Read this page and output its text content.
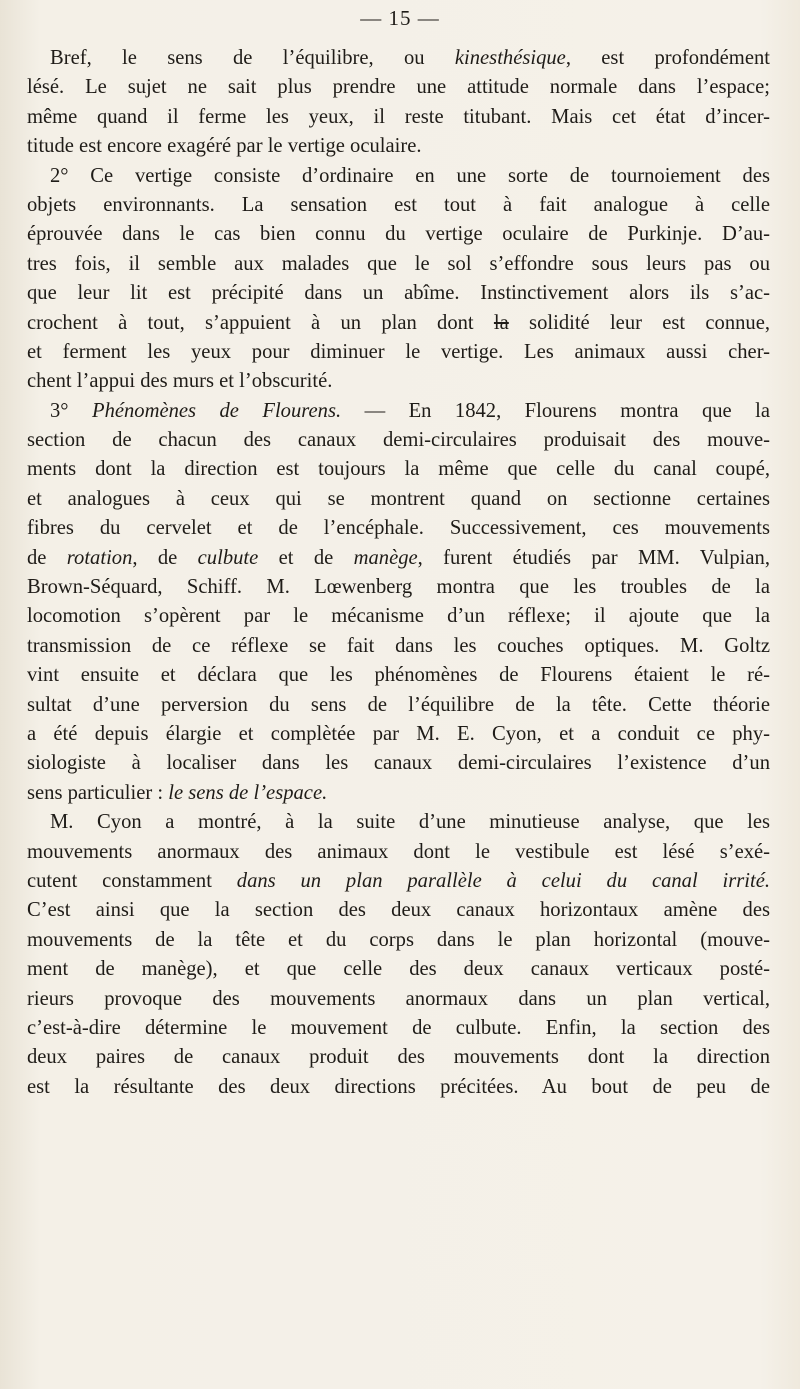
— 15 —
Bref, le sens de l’équilibre, ou kinesthésique, est profondément
lésé. Le sujet ne sait plus prendre une attitude normale dans l’espace;
même quand il ferme les yeux, il reste titubant. Mais cet état d’incer-
titude est encore exagéré par le vertige oculaire.
2° Ce vertige consiste d’ordinaire en une sorte de tournoiement des
objets environnants. La sensation est tout à fait analogue à celle
éprouvée dans le cas bien connu du vertige oculaire de Purkinje. D’au-
tres fois, il semble aux malades que le sol s’effondre sous leurs pas ou
que leur lit est précipité dans un abîme. Instinctivement alors ils s’ac-
crochent à tout, s’appuient à un plan dont la solidité leur est connue,
et ferment les yeux pour diminuer le vertige. Les animaux aussi cher-
chent l’appui des murs et l’obscurité.
3° Phénomènes de Flourens. — En 1842, Flourens montra que la
section de chacun des canaux demi-circulaires produisait des mouve-
ments dont la direction est toujours la même que celle du canal coupé,
et analogues à ceux qui se montrent quand on sectionne certaines
fibres du cervelet et de l’encéphale. Successivement, ces mouvements
de rotation, de culbute et de manège, furent étudiés par MM. Vulpian,
Brown-Séquard, Schiff. M. Lœwenberg montra que les troubles de la
locomotion s’opèrent par le mécanisme d’un réflexe; il ajoute que la
transmission de ce réflexe se fait dans les couches optiques. M. Goltz
vint ensuite et déclara que les phénomènes de Flourens étaient le ré-
sultat d’une perversion du sens de l’équilibre de la tête. Cette théorie
a été depuis élargie et complètée par M. E. Cyon, et a conduit ce phy-
siologiste à localiser dans les canaux demi-circulaires l’existence d’un
sens particulier : le sens de l’espace.
M. Cyon a montré, à la suite d’une minutieuse analyse, que les
mouvements anormaux des animaux dont le vestibule est lésé s’exé-
cutent constamment dans un plan parallèle à celui du canal irrité.
C’est ainsi que la section des deux canaux horizontaux amène des
mouvements de la tête et du corps dans le plan horizontal (mouve-
ment de manège), et que celle des deux canaux verticaux posté-
rieurs provoque des mouvements anormaux dans un plan vertical,
c’est-à-dire détermine le mouvement de culbute. Enfin, la section des
deux paires de canaux produit des mouvements dont la direction
est la résultante des deux directions précitées. Au bout de peu de
